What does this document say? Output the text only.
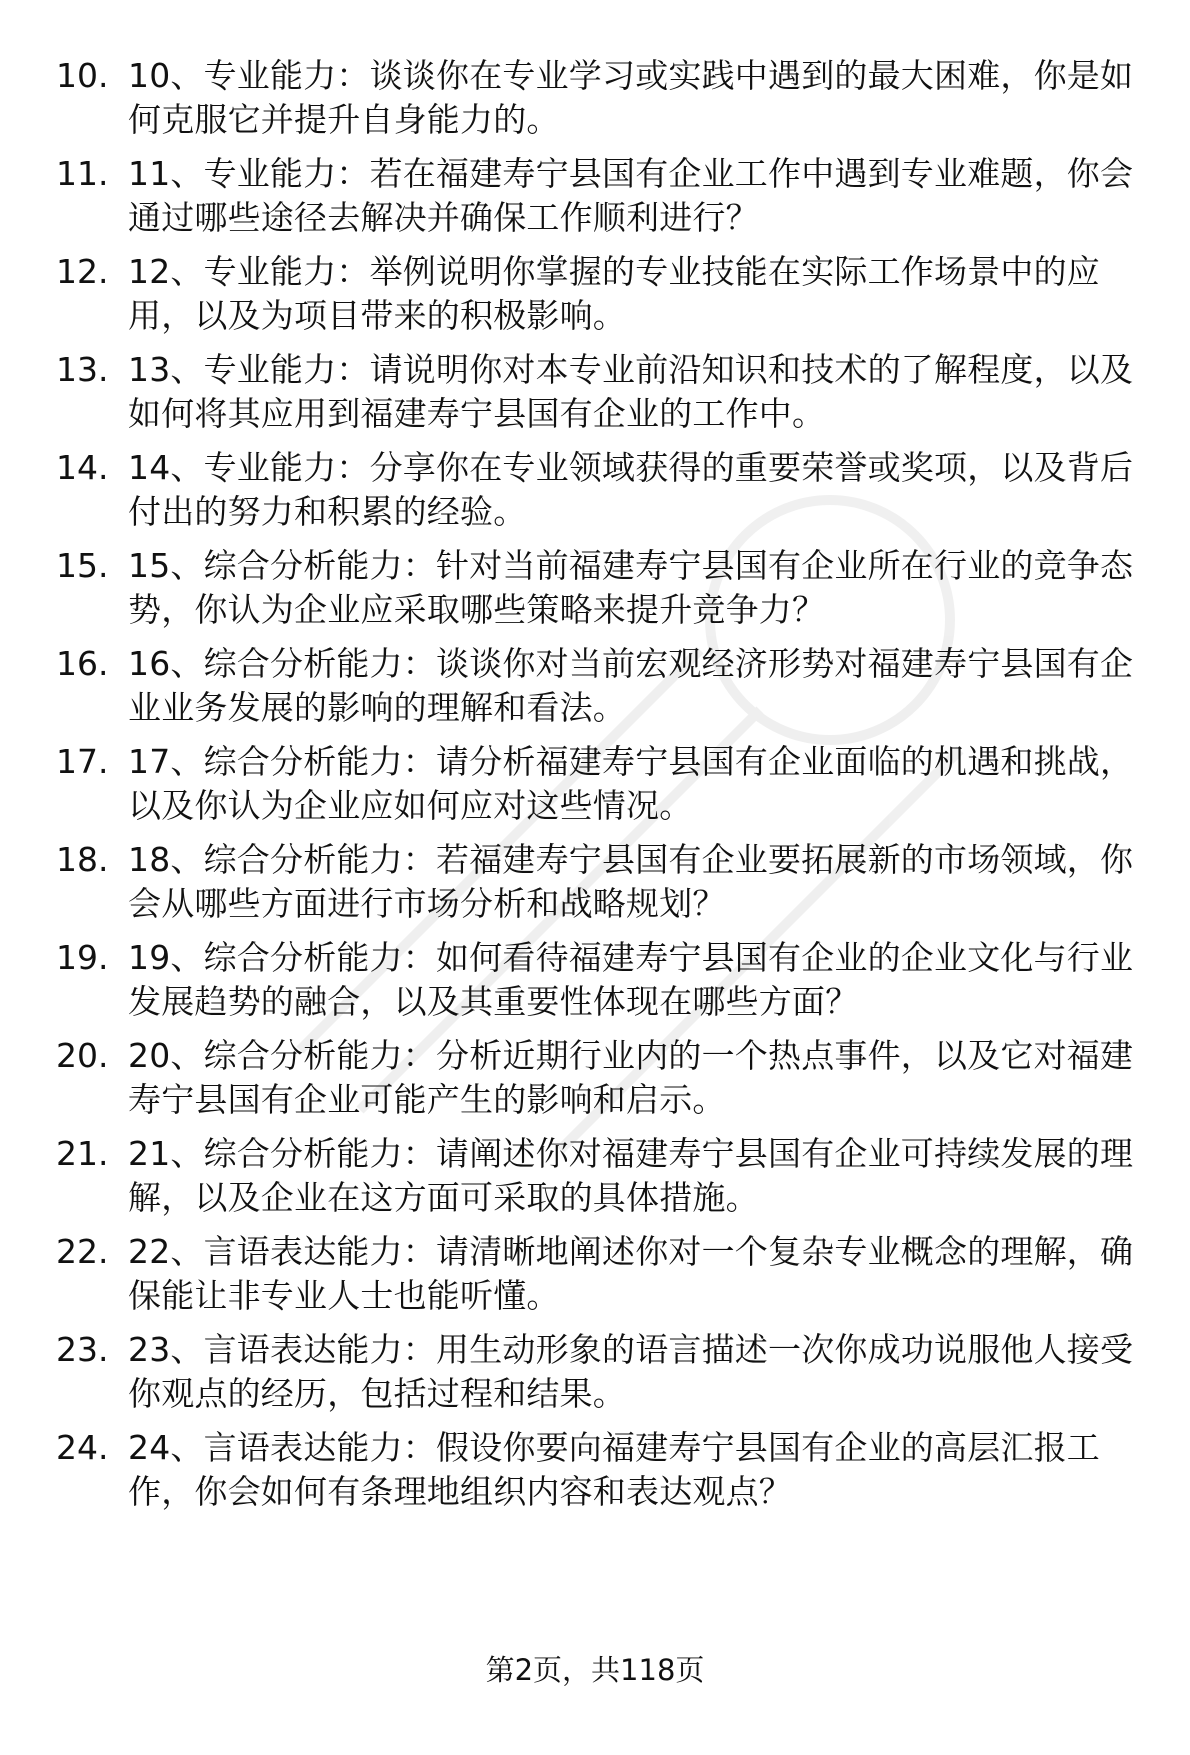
10. 10、专业能力：谈谈你在专业学习或实践中遇到的最大困难，你是如何克服它并提升自身能力的。
11. 11、专业能力：若在福建寿宁县国有企业工作中遇到专业难题，你会通过哪些途径去解决并确保工作顺利进行？
12. 12、专业能力：举例说明你掌握的专业技能在实际工作场景中的应用，以及为项目带来的积极影响。
13. 13、专业能力：请说明你对本专业前沿知识和技术的了解程度，以及如何将其应用到福建寿宁县国有企业的工作中。
14. 14、专业能力：分享你在专业领域获得的重要荣誉或奖项，以及背后付出的努力和积累的经验。
15. 15、综合分析能力：针对当前福建寿宁县国有企业所在行业的竞争态势，你认为企业应采取哪些策略来提升竞争力？
16. 16、综合分析能力：谈谈你对当前宏观经济形势对福建寿宁县国有企业业务发展的影响的理解和看法。
17. 17、综合分析能力：请分析福建寿宁县国有企业面临的机遇和挑战，以及你认为企业应如何应对这些情况。
18. 18、综合分析能力：若福建寿宁县国有企业要拓展新的市场领域，你会从哪些方面进行市场分析和战略规划？
19. 19、综合分析能力：如何看待福建寿宁县国有企业的企业文化与行业发展趋势的融合，以及其重要性体现在哪些方面？
20. 20、综合分析能力：分析近期行业内的一个热点事件，以及它对福建寿宁县国有企业可能产生的影响和启示。
21. 21、综合分析能力：请阐述你对福建寿宁县国有企业可持续发展的理解，以及企业在这方面可采取的具体措施。
22. 22、言语表达能力：请清晰地阐述你对一个复杂专业概念的理解，确保能让非专业人士也能听懂。
23. 23、言语表达能力：用生动形象的语言描述一次你成功说服他人接受你观点的经历，包括过程和结果。
24. 24、言语表达能力：假设你要向福建寿宁县国有企业的高层汇报工作，你会如何有条理地组织内容和表达观点？
第2页，共118页
